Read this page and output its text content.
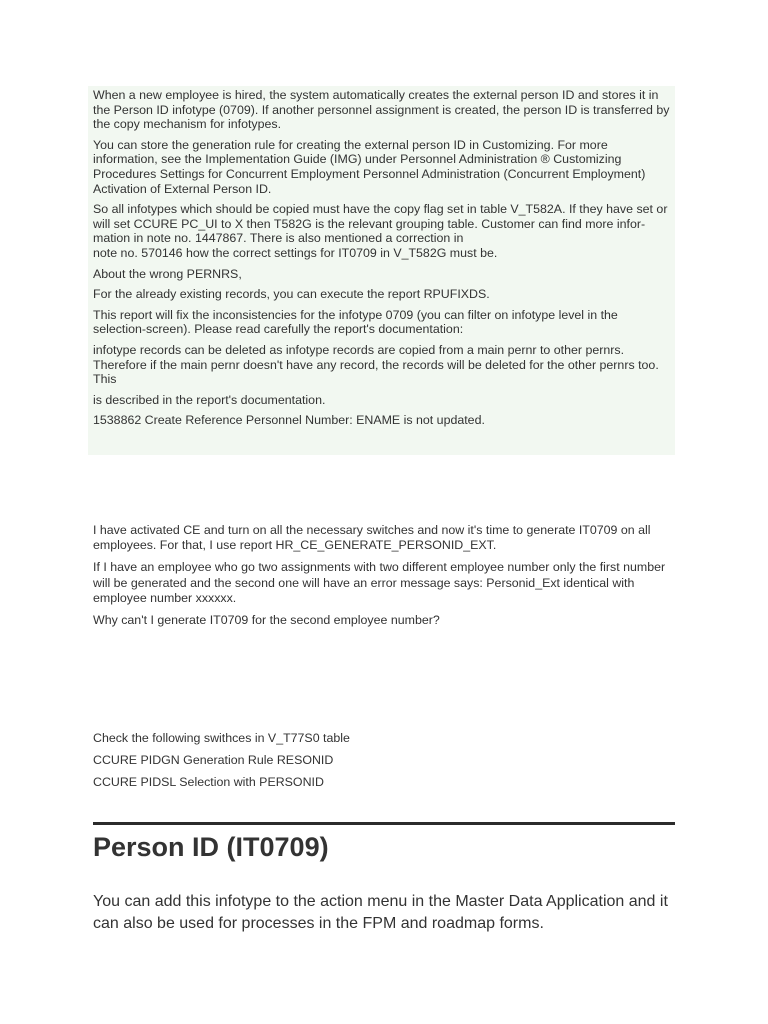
When a new employee is hired, the system automatically creates the external person ID and stores it in the Person ID infotype (0709). If another personnel assignment is created, the person ID is transferred by the copy mechanism for infotypes.

You can store the generation rule for creating the external person ID in Customizing. For more information, see the Implementation Guide (IMG) under Personnel Administration ® Customizing Procedures Settings for Concurrent Employment Personnel Administration (Concurrent Employment) Activation of External Person ID.

So all infotypes which should be copied must have the copy flag set in table V_T582A. If they have set or will set CCURE PC_UI to X then T582G is the relevant grouping table. Customer can find more infor-
mation in note no. 1447867. There is also mentioned a correction in
note no. 570146 how the correct settings for IT0709 in V_T582G must be.

About the wrong PERNRS,

For the already existing records, you can execute the report RPUFIXDS.

This report will fix the inconsistencies for the infotype 0709 (you can filter on infotype level in the selection-screen). Please read carefully the report's documentation:

infotype records can be deleted as infotype records are copied from a main pernr to other pernrs. Therefore if the main pernr doesn't have any record, the records will be deleted for the other pernrs too. This

is described in the report's documentation.

1538862 Create Reference Personnel Number: ENAME is not updated.

I have activated CE and turn on all the necessary switches and now it's time to generate IT0709 on all employees. For that, I use report HR_CE_GENERATE_PERSONID_EXT.

If I have an employee who go two assignments with two different employee number only the first number will be generated and the second one will have an error message says: Personid_Ext identical with employee number xxxxxx.

Why can't I generate IT0709 for the second employee number?

Check the following swithces in V_T77S0 table

CCURE PIDGN Generation Rule RESONID

CCURE PIDSL Selection with PERSONID

Person ID (IT0709)

You can add this infotype to the action menu in the Master Data Application and it can also be used for processes in the FPM and roadmap forms.
